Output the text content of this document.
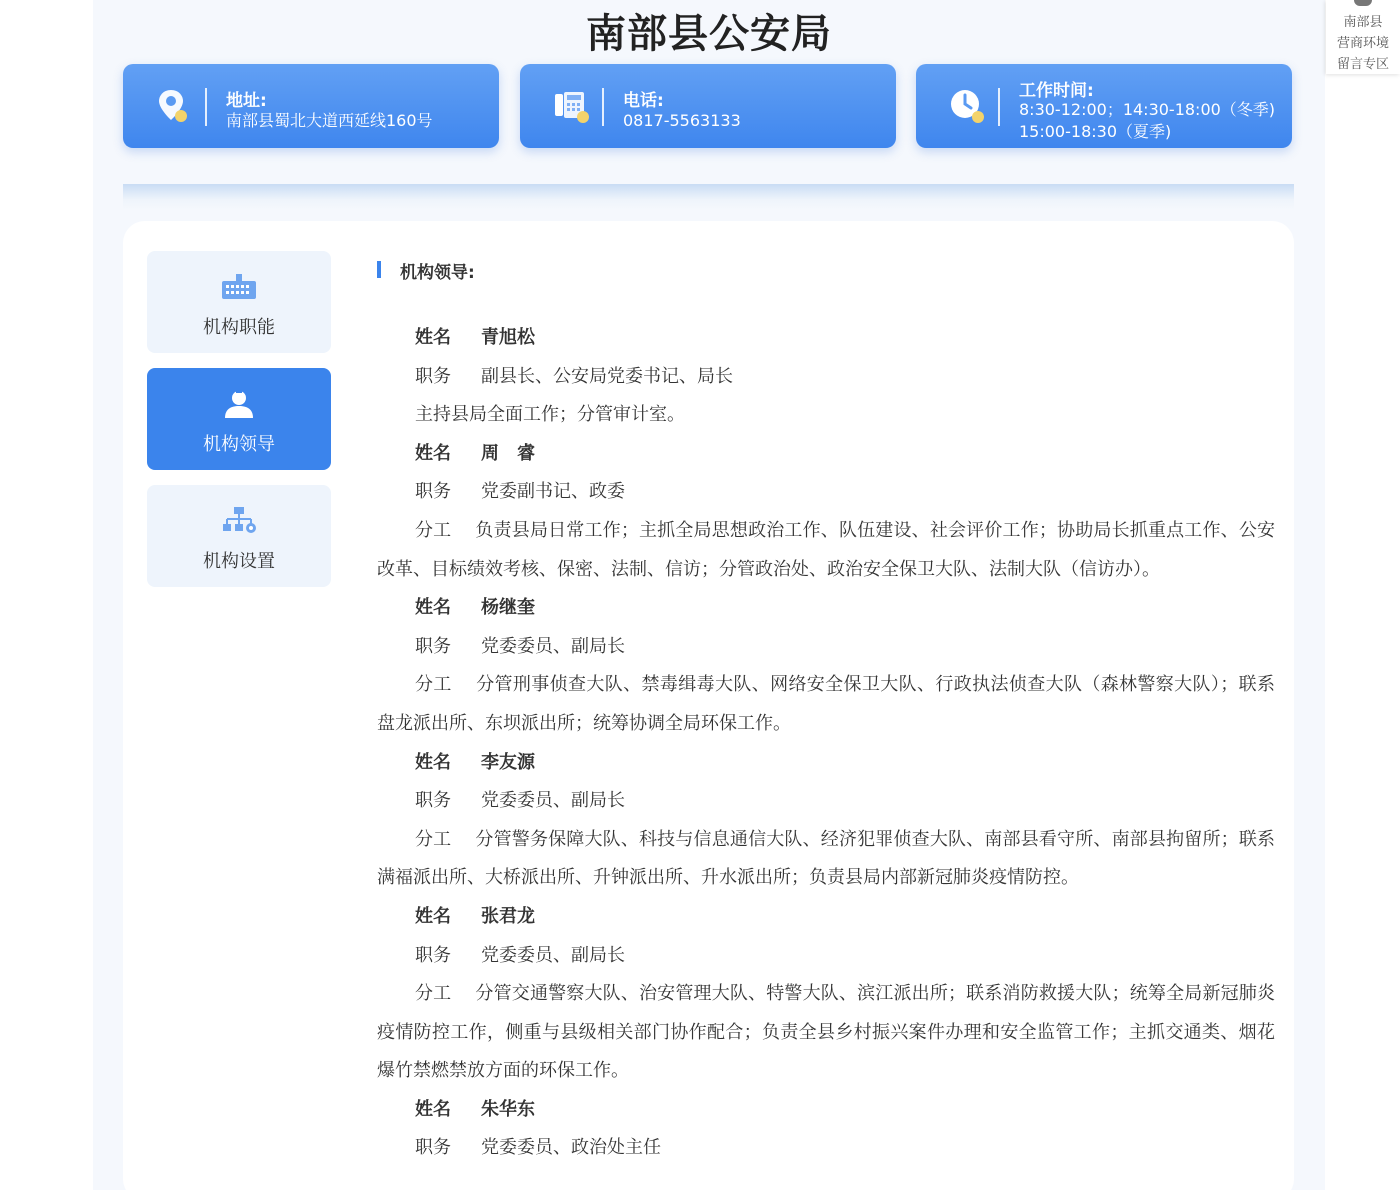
南部县公安局
地址:
南部县蜀北大道西延线160号
电话:
0817-5563133
工作时间:
8:30-12:00；14:30-18:00（冬季)
15:00-18:30（夏季)
机构职能
机构领导
机构设置
机构领导:
姓名 青旭松
职务 副县长、公安局党委书记、局长
主持县局全面工作；分管审计室。
姓名 周　睿
职务 党委副书记、政委
分工　 负责县局日常工作；主抓全局思想政治工作、队伍建设、社会评价工作；协助局长抓重点工作、公安改革、目标绩效考核、保密、法制、信访；分管政治处、政治安全保卫大队、法制大队（信访办）。
姓名 杨继奎
职务 党委委员、副局长
分工　 分管刑事侦查大队、禁毒缉毒大队、网络安全保卫大队、行政执法侦查大队（森林警察大队）；联系盘龙派出所、东坝派出所；统筹协调全局环保工作。
姓名 李友源
职务 党委委员、副局长
分工　 分管警务保障大队、科技与信息通信大队、经济犯罪侦查大队、南部县看守所、南部县拘留所；联系满福派出所、大桥派出所、升钟派出所、升水派出所；负责县局内部新冠肺炎疫情防控。
姓名 张君龙
职务 党委委员、副局长
分工　 分管交通警察大队、治安管理大队、特警大队、滨江派出所；联系消防救援大队；统筹全局新冠肺炎疫情防控工作，侧重与县级相关部门协作配合；负责全县乡村振兴案件办理和安全监管工作；主抓交通类、烟花爆竹禁燃禁放方面的环保工作。
姓名 朱华东
职务 党委委员、政治处主任
南部县
营商环境
留言专区
